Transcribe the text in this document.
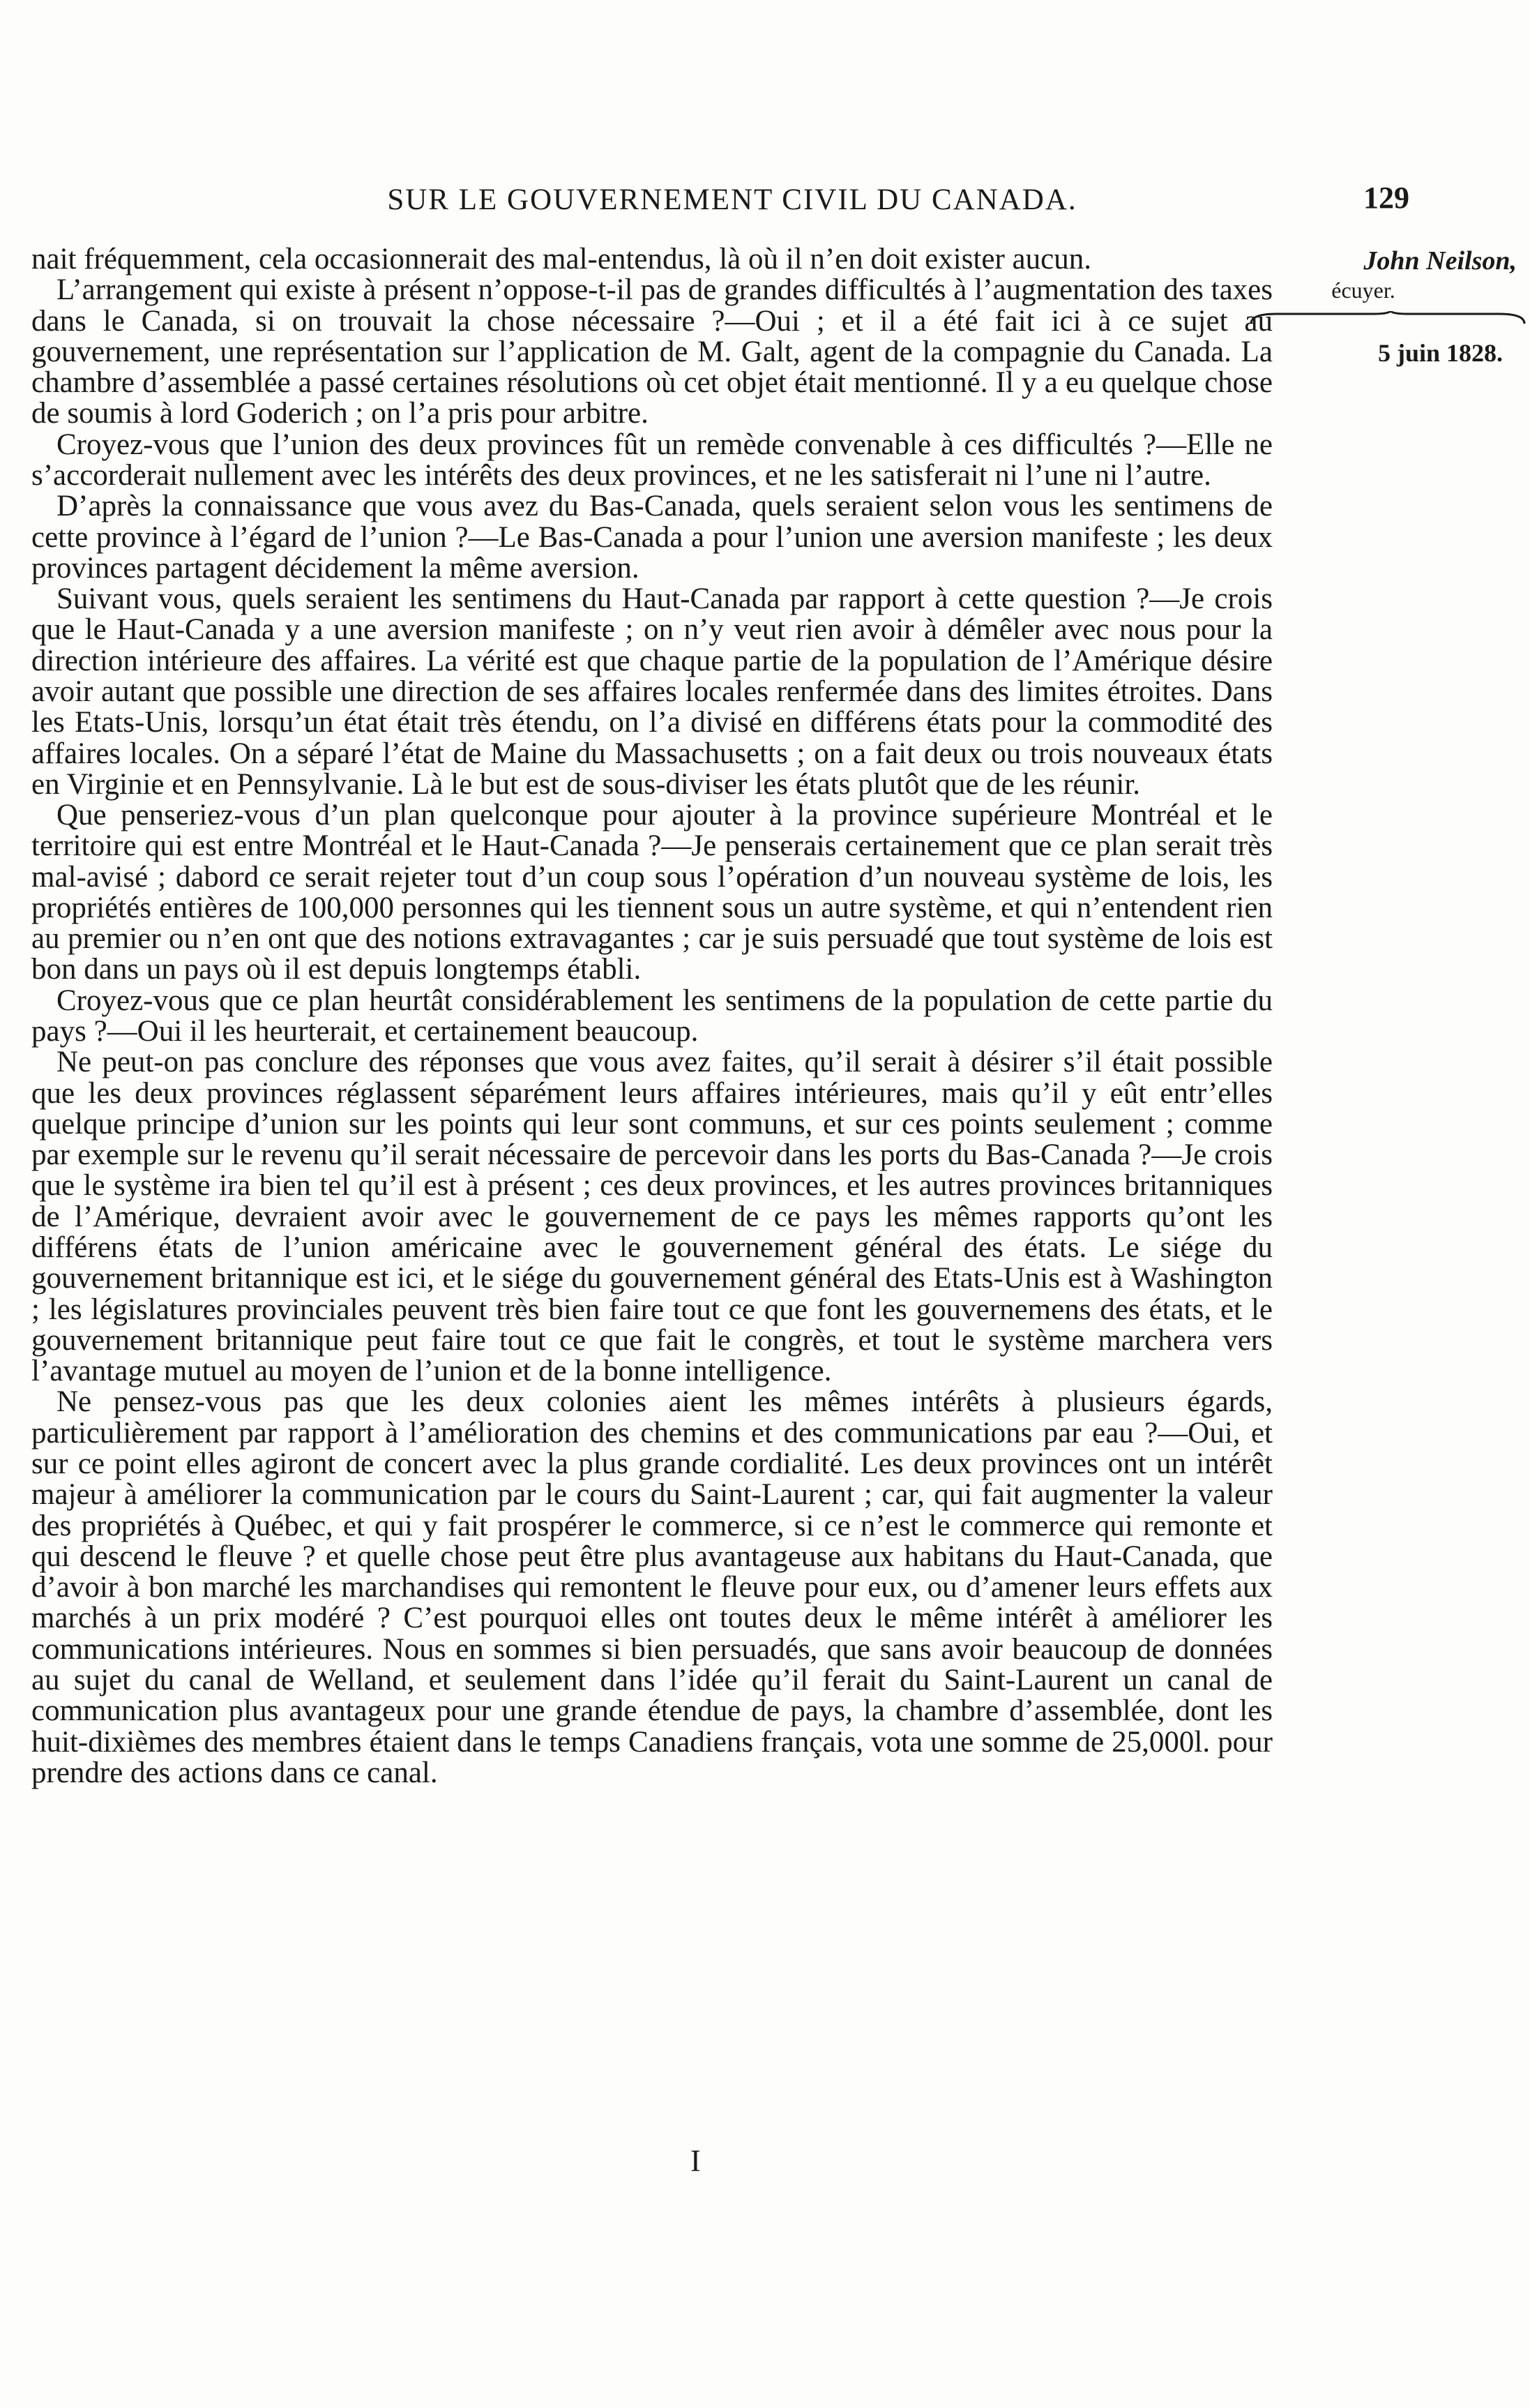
SUR LE GOUVERNEMENT CIVIL DU CANADA.	129
John Neilson,
écuyer.
5 juin 1828.

nait fréquemment, cela occasionnerait des mal-entendus, là où il n’en doit exister aucun.

L’arrangement qui existe à présent n’oppose-t-il pas de grandes difficultés à l’augmentation des taxes dans le Canada, si on trouvait la chose nécessaire ?—Oui ; et il a été fait ici à ce sujet au gouvernement, une représentation sur l’application de M. Galt, agent de la compagnie du Canada. La chambre d’assemblée a passé certaines résolutions où cet objet était mentionné. Il y a eu quelque chose de soumis à lord Goderich ; on l’a pris pour arbitre.

Croyez-vous que l’union des deux provinces fût un remède convenable à ces difficultés ?—Elle ne s’accorderait nullement avec les intérêts des deux provinces, et ne les satisferait ni l’une ni l’autre.

D’après la connaissance que vous avez du Bas-Canada, quels seraient selon vous les sentimens de cette province à l’égard de l’union ?—Le Bas-Canada a pour l’union une aversion manifeste ; les deux provinces partagent décidement la même aversion.

Suivant vous, quels seraient les sentimens du Haut-Canada par rapport à cette question ?—Je crois que le Haut-Canada y a une aversion manifeste ; on n’y veut rien avoir à démêler avec nous pour la direction intérieure des affaires. La vérité est que chaque partie de la population de l’Amérique désire avoir autant que possible une direction de ses affaires locales renfermée dans des limites étroites. Dans les Etats-Unis, lorsqu’un état était très étendu, on l’a divisé en différens états pour la commodité des affaires locales. On a séparé l’état de Maine du Massachusetts ; on a fait deux ou trois nouveaux états en Virginie et en Pennsylvanie. Là le but est de sous-diviser les états plutôt que de les réunir.

Que penseriez-vous d’un plan quelconque pour ajouter à la province supérieure Montréal et le territoire qui est entre Montréal et le Haut-Canada ?—Je penserais certainement que ce plan serait très mal-avisé ; dabord ce serait rejeter tout d’un coup sous l’opération d’un nouveau système de lois, les propriétés entières de 100,000 personnes qui les tiennent sous un autre système, et qui n’entendent rien au premier ou n’en ont que des notions extravagantes ; car je suis persuadé que tout système de lois est bon dans un pays où il est depuis longtemps établi.

Croyez-vous que ce plan heurtât considérablement les sentimens de la population de cette partie du pays ?—Oui il les heurterait, et certainement beaucoup.

Ne peut-on pas conclure des réponses que vous avez faites, qu’il serait à désirer s’il était possible que les deux provinces réglassent séparément leurs affaires intérieures, mais qu’il y eût entr’elles quelque principe d’union sur les points qui leur sont communs, et sur ces points seulement ; comme par exemple sur le revenu qu’il serait nécessaire de percevoir dans les ports du Bas-Canada ?—Je crois que le système ira bien tel qu’il est à présent ; ces deux provinces, et les autres provinces britanniques de l’Amérique, devraient avoir avec le gouvernement de ce pays les mêmes rapports qu’ont les différens états de l’union américaine avec le gouvernement général des états. Le siége du gouvernement britannique est ici, et le siége du gouvernement général des Etats-Unis est à Washington ; les législatures provinciales peuvent très bien faire tout ce que font les gouvernemens des états, et le gouvernement britannique peut faire tout ce que fait le congrès, et tout le système marchera vers l’avantage mutuel au moyen de l’union et de la bonne intelligence.

Ne pensez-vous pas que les deux colonies aient les mêmes intérêts à plusieurs égards, particulièrement par rapport à l’amélioration des chemins et des communications par eau ?—Oui, et sur ce point elles agiront de concert avec la plus grande cordialité. Les deux provinces ont un intérêt majeur à améliorer la communication par le cours du Saint-Laurent ; car, qui fait augmenter la valeur des propriétés à Québec, et qui y fait prospérer le commerce, si ce n’est le commerce qui remonte et qui descend le fleuve ? et quelle chose peut être plus avantageuse aux habitans du Haut-Canada, que d’avoir à bon marché les marchandises qui remontent le fleuve pour eux, ou d’amener leurs effets aux marchés à un prix modéré ? C’est pourquoi elles ont toutes deux le même intérêt à améliorer les communications intérieures. Nous en sommes si bien persuadés, que sans avoir beaucoup de données au sujet du canal de Welland, et seulement dans l’idée qu’il ferait du Saint-Laurent un canal de communication plus avantageux pour une grande étendue de pays, la chambre d’assemblée, dont les huit-dixièmes des membres étaient dans le temps Canadiens français, vota une somme de 25,000l. pour prendre des actions dans ce canal.

I
